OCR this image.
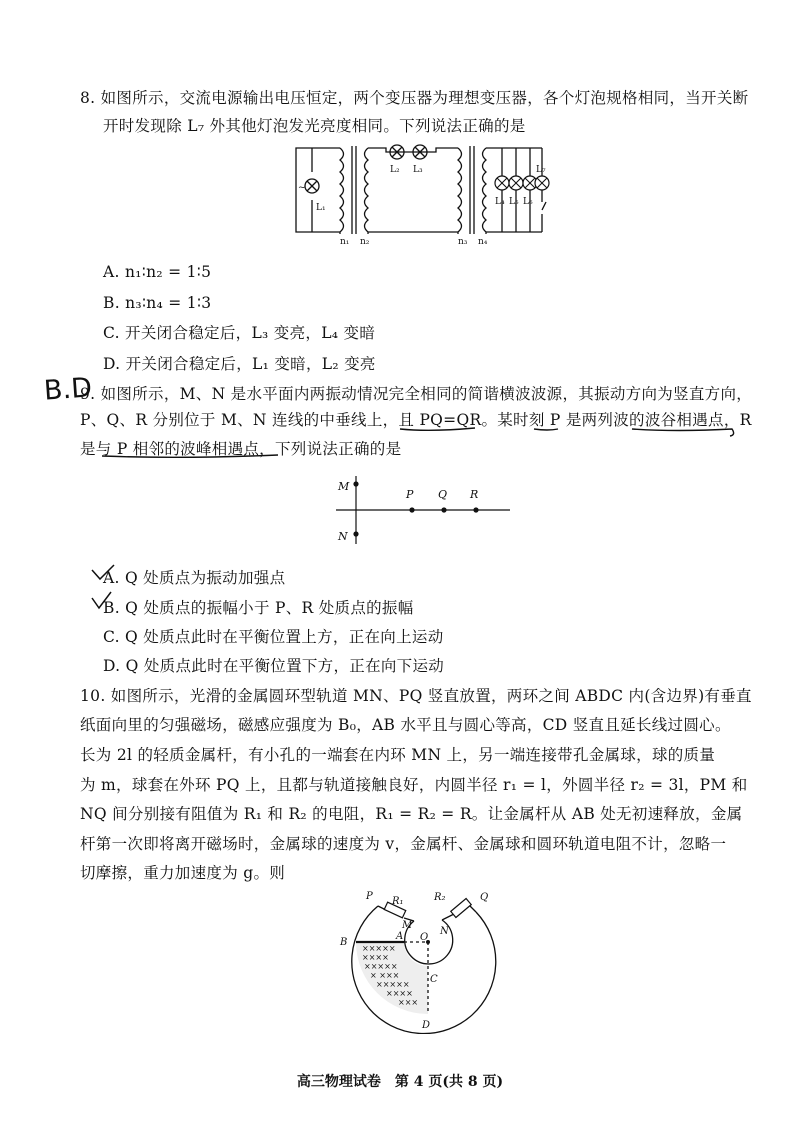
8. 如图所示，交流电源输出电压恒定，两个变压器为理想变压器，各个灯泡规格相同，当开关断
开时发现除 L₇ 外其他灯泡发光亮度相同。下列说法正确的是
~
L₁
L₂ L₃
L₄ L₅ L₆
L₇
n₁ n₂	n₃ n₄
A. n₁∶n₂ = 1∶5
B. n₃∶n₄ = 1∶3
C. 开关闭合稳定后，L₃ 变亮，L₄ 变暗
D. 开关闭合稳定后，L₁ 变暗，L₂ 变亮
B.D
9. 如图所示，M、N 是水平面内两振动情况完全相同的简谐横波波源，其振动方向为竖直方向，
P、Q、R 分别位于 M、N 连线的中垂线上，且 PQ=QR。某时刻 P 是两列波的波谷相遇点，R
是与 P 相邻的波峰相遇点，下列说法正确的是
M
N
P Q R
A. Q 处质点为振动加强点
B. Q 处质点的振幅小于 P、R 处质点的振幅
C. Q 处质点此时在平衡位置上方，正在向上运动
D. Q 处质点此时在平衡位置下方，正在向下运动
10. 如图所示，光滑的金属圆环型轨道 MN、PQ 竖直放置，两环之间 ABDC 内(含边界)有垂直
纸面向里的匀强磁场，磁感应强度为 B₀，AB 水平且与圆心等高，CD 竖直且延长线过圆心。
长为 2l 的轻质金属杆，有小孔的一端套在内环 MN 上，另一端连接带孔金属球，球的质量
为 m，球套在外环 PQ 上，且都与轨道接触良好，内圆半径 r₁ = l，外圆半径 r₂ = 3l，PM 和
NQ 间分别接有阻值为 R₁ 和 R₂ 的电阻，R₁ = R₂ = R。让金属杆从 AB 处无初速释放，金属
杆第一次即将离开磁场时，金属球的速度为 v，金属杆、金属球和圆环轨道电阻不计，忽略一
切摩擦，重力加速度为 g。则
×××××
××××
×××××
× ×××
×××××
××××
×××
P	Q
R₁	R₂
M
N
A O
B
C
D
高三物理试卷　第 4 页(共 8 页)
